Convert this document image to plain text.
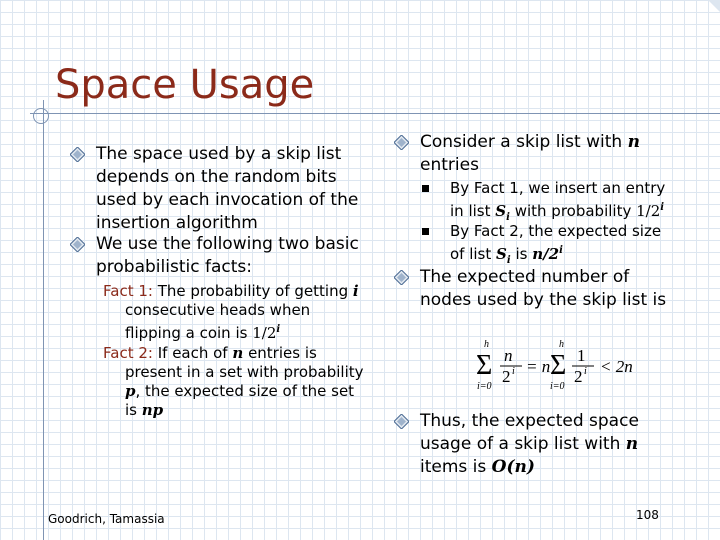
Space Usage
The space used by a skip list
depends on the random bits
used by each invocation of the
insertion algorithm
We use the following two basic
probabilistic facts:
Fact 1: The probability of getting i
consecutive heads when
flipping a coin is 1/2$^i$
Fact 2: If each of n entries is
present in a set with probability
p, the expected size of the set
is np
Consider a skip list with n
entries
By Fact 1, we insert an entry
in list $S_i$ with probability 1/2$^i$
By Fact 2, the expected size
of list $S_i$ is n/2$^i$
The expected number of
nodes used by the skip list is
h
Σ
i=0
n
2 i = n
h
Σ
i=0
1
2 i < 2n
Thus, the expected space
usage of a skip list with n
items is O(n)
Goodrich, Tamassia	108
